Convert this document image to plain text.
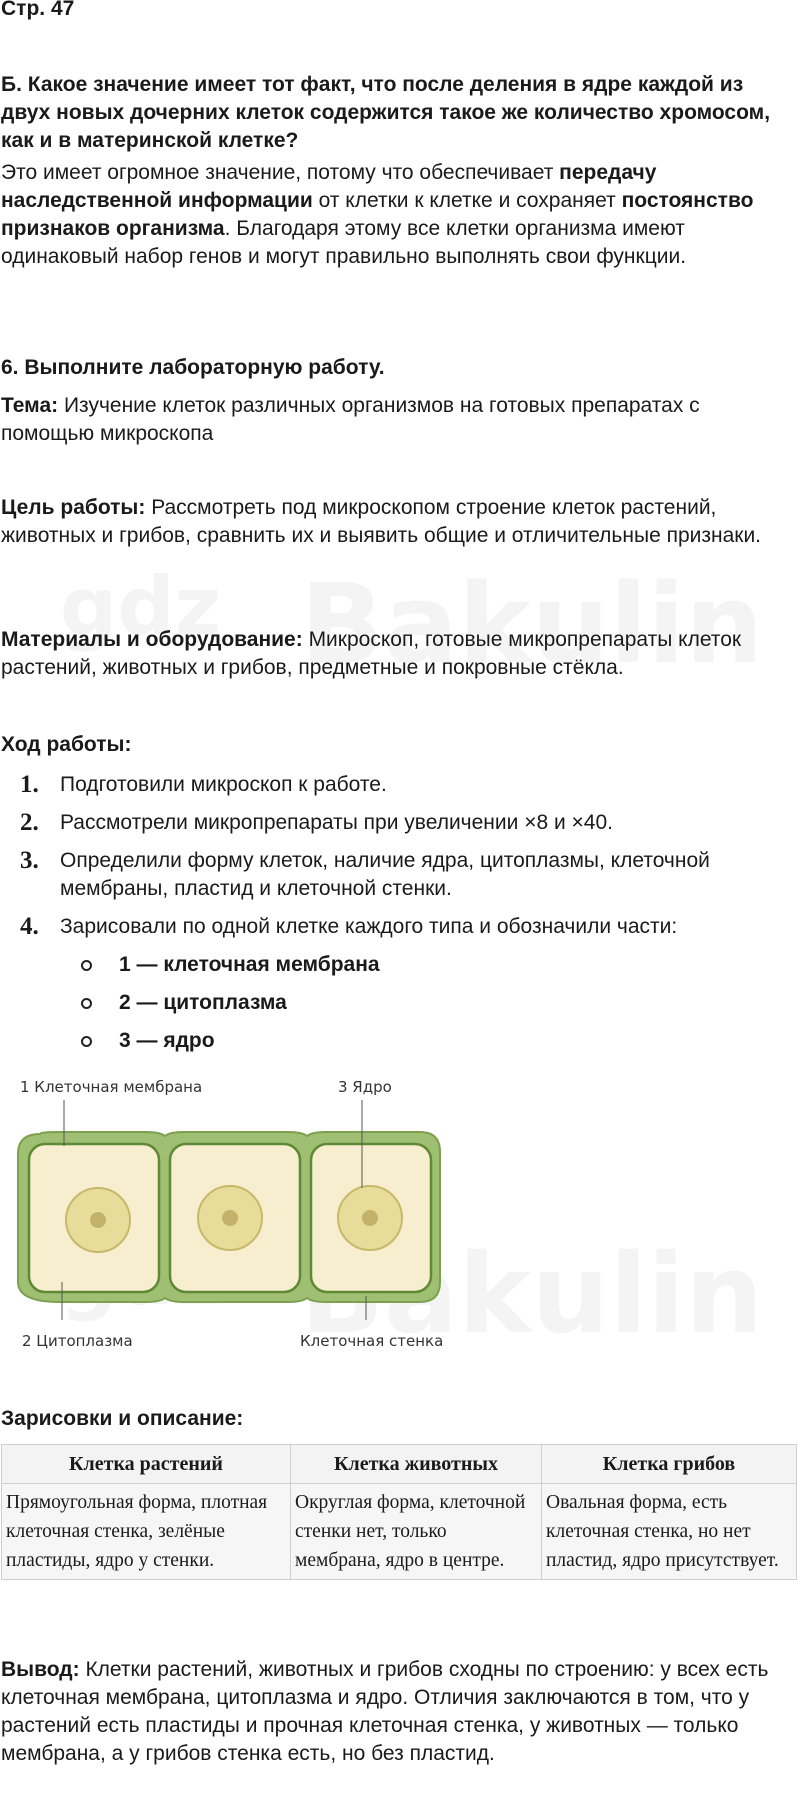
Стр. 47

Б. Какое значение имеет тот факт, что после деления в ядре каждой из двух новых дочерних клеток содержится такое же количество хромосом, как и в материнской клетке?

Это имеет огромное значение, потому что обеспечивает передачу наследственной информации от клетки к клетке и сохраняет постоянство признаков организма. Благодаря этому все клетки организма имеют одинаковый набор генов и могут правильно выполнять свои функции.

6. Выполните лабораторную работу.

Тема: Изучение клеток различных организмов на готовых препаратах с помощью микроскопа

Цель работы: Рассмотреть под микроскопом строение клеток растений, животных и грибов, сравнить их и выявить общие и отличительные признаки.

Материалы и оборудование: Микроскоп, готовые микропрепараты клеток растений, животных и грибов, предметные и покровные стёкла.

Ход работы:

1. Подготовили микроскоп к работе.
2. Рассмотрели микропрепараты при увеличении ×8 и ×40.
3. Определили форму клеток, наличие ядра, цитоплазмы, клеточной мембраны, пластид и клеточной стенки.
4. Зарисовали по одной клетке каждого типа и обозначили части:
1 — клеточная мембрана
2 — цитоплазма
3 — ядро
1 Клеточная мембрана	3 Ядро
2 Цитоплазма	Клеточная стенка

Зарисовки и описание:

Клетка растений	Клетка животных	Клетка грибов
Прямоугольная форма, плотная клеточная стенка, зелёные пластиды, ядро у стенки.	Округлая форма, клеточной стенки нет, только мембрана, ядро в центре.	Овальная форма, есть клеточная стенка, но нет пластид, ядро присутствует.

Вывод: Клетки растений, животных и грибов сходны по строению: у всех есть клеточная мембрана, цитоплазма и ядро. Отличия заключаются в том, что у растений есть пластиды и прочная клеточная стенка, у животных — только мембрана, а у грибов стенка есть, но без пластид.
